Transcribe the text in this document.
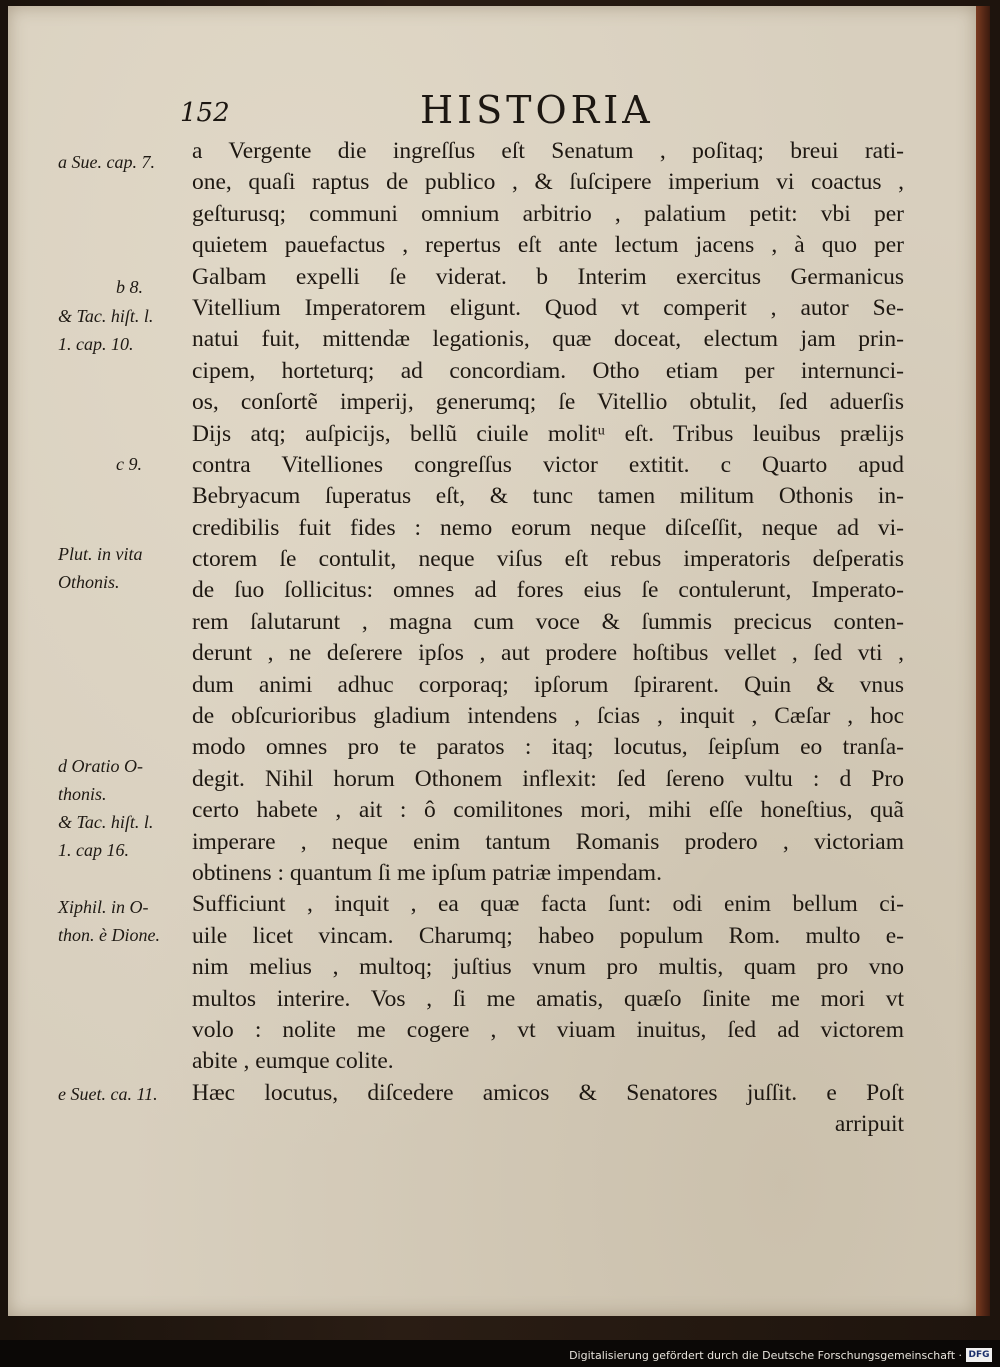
152	HISTORIA
a Sue. cap. 7.
b 8.
& Tac. hiſt. l.
1. cap. 10.
c 9.
Plut. in vita
Othonis.
d Oratio O-
thonis.
& Tac. hiſt. l.
1. cap 16.
Xiphil. in O-
thon. è Dione.
e Suet. ca. 11.
a Vergente die ingreſſus eſt Senatum , poſitaq; breui rati-
one, quaſi raptus de publico , & ſuſcipere imperium vi coactus ,
geſturusq; communi omnium arbitrio , palatium petit: vbi per
quietem pauefactus , repertus eſt ante lectum jacens , à quo per
Galbam expelli ſe viderat. b Interim exercitus Germanicus
Vitellium Imperatorem eligunt. Quod vt comperit , autor Se-
natui fuit, mittendæ legationis, quæ doceat, electum jam prin-
cipem, horteturq; ad concordiam. Otho etiam per internunci-
os, conſortẽ imperij, generumq; ſe Vitellio obtulit, ſed aduerſis
Dijs atq; auſpicijs, bellũ ciuile molitᵘ eſt. Tribus leuibus prælijs
contra Vitelliones congreſſus victor extitit. c Quarto apud
Bebryacum ſuperatus eſt, & tunc tamen militum Othonis in-
credibilis fuit fides : nemo eorum neque diſceſſit, neque ad vi-
ctorem ſe contulit, neque viſus eſt rebus imperatoris deſperatis
de ſuo ſollicitus: omnes ad fores eius ſe contulerunt, Imperato-
rem ſalutarunt , magna cum voce & ſummis precicus conten-
derunt , ne deſerere ipſos , aut prodere hoſtibus vellet , ſed vti ,
dum animi adhuc corporaq; ipſorum ſpirarent. Quin & vnus
de obſcurioribus gladium intendens , ſcias , inquit , Cæſar , hoc
modo omnes pro te paratos : itaq; locutus, ſeipſum eo tranſa-
degit. Nihil horum Othonem inflexit: ſed ſereno vultu : d Pro
certo habete , ait : ô comilitones mori, mihi eſſe honeſtius, quã
imperare , neque enim tantum Romanis prodero , victoriam
obtinens : quantum ſi me ipſum patriæ impendam.
Sufficiunt , inquit , ea quæ facta ſunt: odi enim bellum ci-
uile licet vincam. Charumq; habeo populum Rom. multo e-
nim melius , multoq; juſtius vnum pro multis, quam pro vno
multos interire. Vos , ſi me amatis, quæſo ſinite me mori vt
volo : nolite me cogere , vt viuam inuitus, ſed ad victorem
abite , eumque colite.
Hæc locutus, diſcedere amicos & Senatores juſſit. e Poſt
arripuit
Digitalisierung gefördert durch die Deutsche Forschungsgemeinschaft · DFG
